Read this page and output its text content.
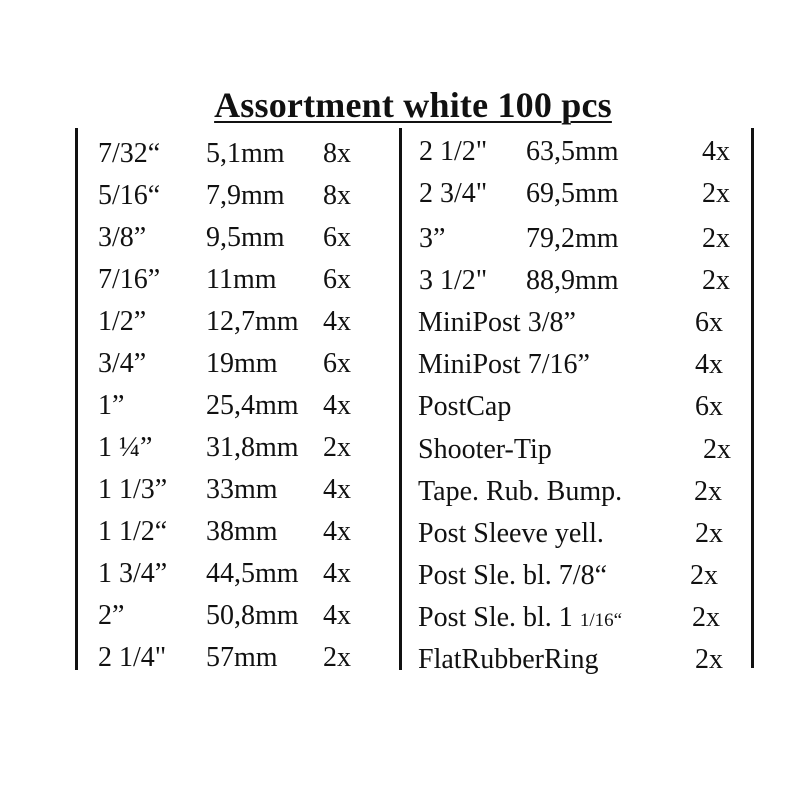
Assortment white 100 pcs
7/32“ 5,1mm 8x
5/16“ 7,9mm 8x
3/8” 9,5mm 6x
7/16” 11mm 6x
1/2” 12,7mm 4x
3/4” 19mm 6x
1”	25,4mm 4x
1 ¼” 31,8mm 2x
1 1/3” 33mm 4x
1 1/2“ 38mm 4x
1 3/4” 44,5mm 4x
2”	50,8mm 4x
2 1/4" 57mm 2x
2 1/2" 63,5mm	4x
2 3/4" 69,5mm	2x
3”	79,2mm	2x
3 1/2" 88,9mm	2x
MiniPost 3/8”	6x
MiniPost 7/16”	4x
PostCap	6x
Shooter-Tip	2x
Tape. Rub. Bump.	2x
Post Sleeve yell.	2x
Post Sle. bl. 7/8“	2x
Post Sle. bl. 1 1/16“ 2x
FlatRubberRing	2x
